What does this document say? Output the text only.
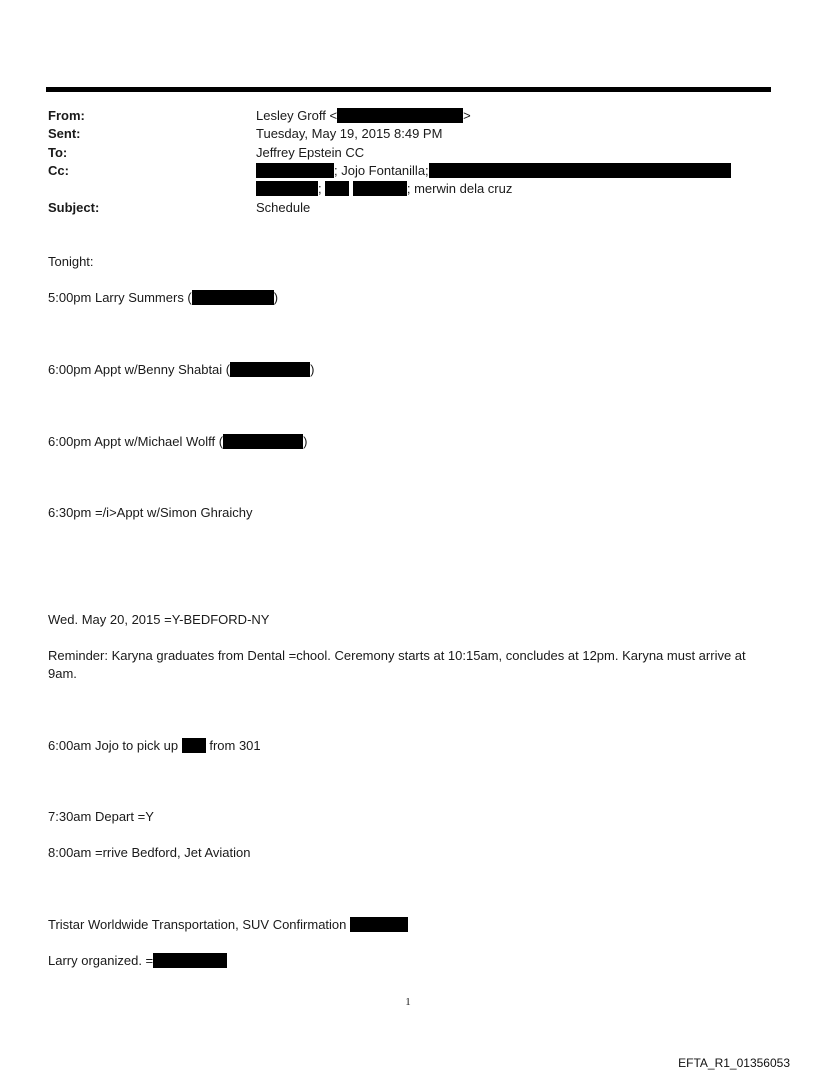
From:	Lesley Groff <	>
Sent:	Tuesday, May 19, 2015 8:49 PM
To:	Jeffrey Epstein CC
Cc:	; Jojo Fontanilla;
;	; merwin dela cruz
Subject:	Schedule
Tonight:
5:00pm Larry Summers (	)
6:00pm Appt w/Benny Shabtai (	)
6:00pm Appt w/Michael Wolff (	)
6:30pm =/i>Appt w/Simon Ghraichy
Wed. May 20, 2015 =Y-BEDFORD-NY
Reminder: Karyna graduates from Dental =chool. Ceremony starts at 10:15am, concludes at 12pm. Karyna must arrive at 9am.
6:00am Jojo to pick up from 301
7:30am Depart =Y
8:00am =rrive Bedford, Jet Aviation
Tristar Worldwide Transportation, SUV Confirmation
Larry organized. =
1
EFTA_R1_01356053
